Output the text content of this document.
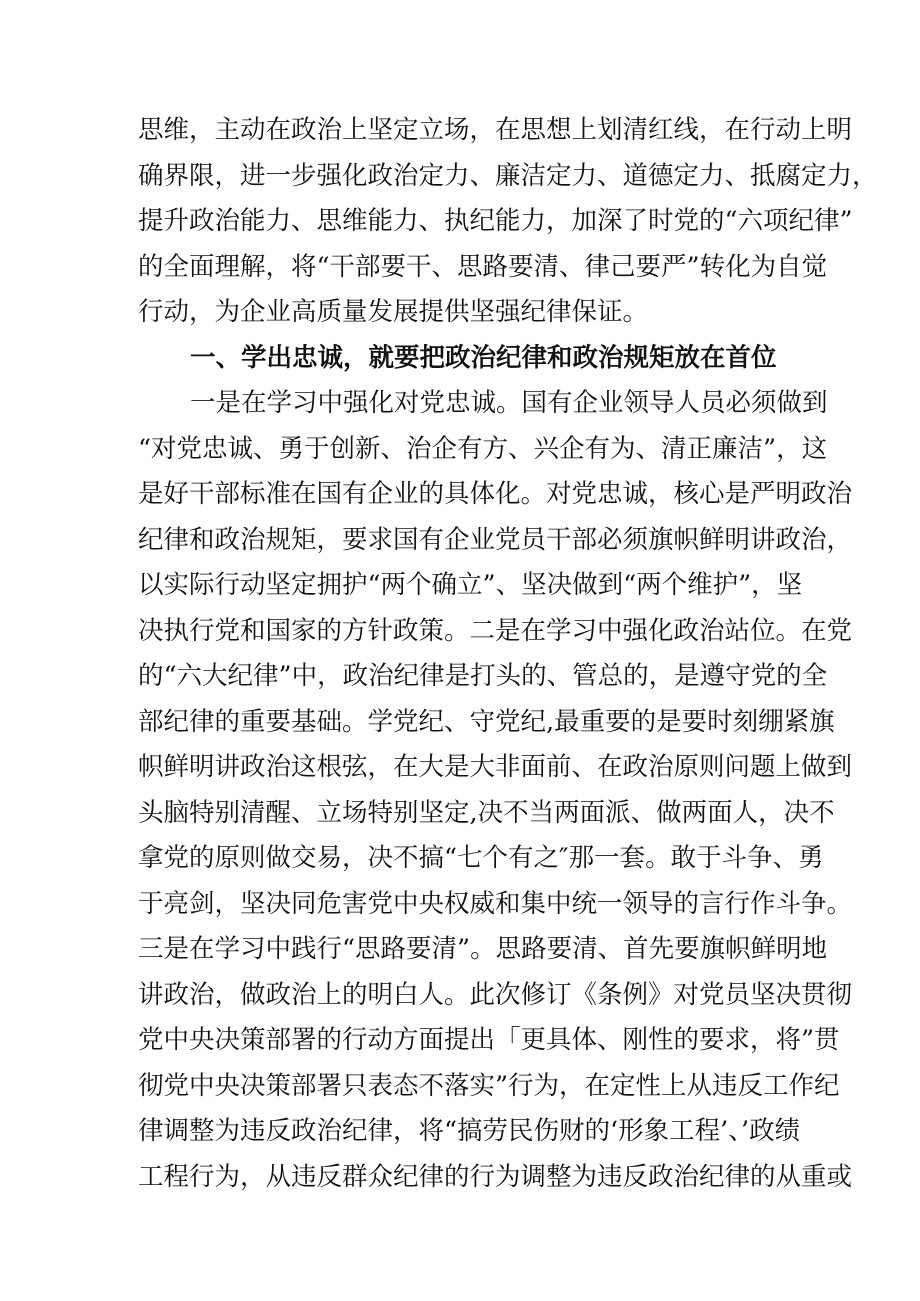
思维，主动在政治上坚定立场，在思想上划清红线，在行动上明
确界限，进一步强化政治定力、廉洁定力、道德定力、抵腐定力，
提升政治能力、思维能力、执纪能力，加深了时党的“六项纪律”
的全面理解，将“干部要干、思路要清、律己要严”转化为自觉
行动，为企业高质量发展提供坚强纪律保证。
一、学出忠诚，就要把政治纪律和政治规矩放在首位
一是在学习中强化对党忠诚。国有企业领导人员必须做到
“对党忠诚、勇于创新、治企有方、兴企有为、清正廉洁”，这
是好干部标准在国有企业的具体化。对党忠诚，核心是严明政治
纪律和政治规矩，要求国有企业党员干部必须旗帜鲜明讲政治，
以实际行动坚定拥护“两个确立”、坚决做到“两个维护”，坚
决执行党和国家的方针政策。二是在学习中强化政治站位。在党
的“六大纪律”中，政治纪律是打头的、管总的，是遵守党的全
部纪律的重要基础。学党纪、守党纪,最重要的是要时刻绷紧旗
帜鲜明讲政治这根弦，在大是大非面前、在政治原则问题上做到
头脑特别清醒、立场特别坚定,决不当两面派、做两面人，决不
拿党的原则做交易，决不搞“七个有之″那一套。敢于斗争、勇
于亮剑，坚决同危害党中央权威和集中统一领导的言行作斗争。
三是在学习中践行“思路要清”。思路要清、首先要旗帜鲜明地
讲政治，做政治上的明白人。此次修订《条例》对党员坚决贯彻
党中央决策部署的行动方面提出「更具体、刚性的要求，将”贯
彻党中央决策部署只表态不落实”行为，在定性上从违反工作纪
律调整为违反政治纪律，将“搞劳民伤财的‘形象工程’、’政绩
工程行为，从违反群众纪律的行为调整为违反政治纪律的从重或
